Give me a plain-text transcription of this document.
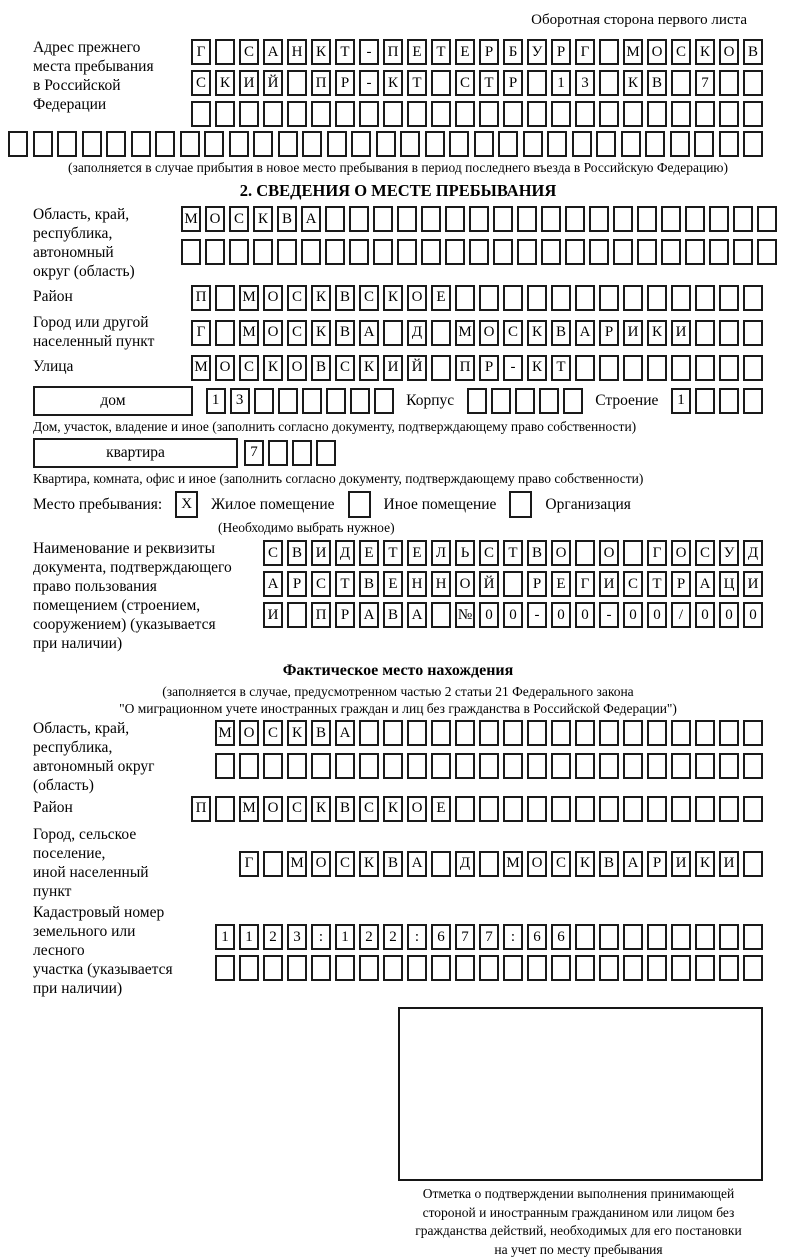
Оборотная сторона первого листа
Адрес прежнего
места пребывания
в Российской
Федерации
Г	С А Н К Т	-	П Е Т Е	Р	Б У Р	Г	М О С К О В
С К И Й	П Р	-	К Т	С Т	Р	1	3	К В	7
(заполняется в случае прибытия в новое место пребывания в период последнего въезда в Российскую Федерацию)
2. СВЕДЕНИЯ О МЕСТЕ ПРЕБЫВАНИЯ
Область, край,
республика,
автономный
округ (область)
М О С К В А
Район	П	М О С К В С К О Е
Город или другой
населенный пункт
Г	М О С К В А	Д	М О С К В А Р И К И
Улица	М О С К О В С К И Й	П Р	-	К Т
дом	1	3	Корпус	Строение	1
Дом, участок, владение и иное (заполнить согласно документу, подтверждающему право собственности)
квартира	7
Квартира, комната, офис и иное (заполнить согласно документу, подтверждающему право собственности)
Место пребывания:	X	Жилое помещение	Иное помещение	Организация
(Необходимо выбрать нужное)
Наименование и реквизиты
документа, подтверждающего
право пользования
помещением (строением,
сооружением) (указывается
при наличии)
С В И Д Е Т Е Л Ь С Т В О	О	Г О С У Д
А Р С Т В Е Н Н О Й	Р	Е	Г И С Т	Р А Ц И
И	П Р А В А	№ 0	0	-	0	0	-	0	0	/	0	0	0
Фактическое место нахождения
(заполняется в случае, предусмотренном частью 2 статьи 21 Федерального закона
"О миграционном учете иностранных граждан и лиц без гражданства в Российской Федерации")
Область, край,
республика,
автономный округ
(область)
М О С К В А
Район	П	М О С К В С К О Е
Город, сельское поселение,
иной населенный пункт
Г	М О С К В А	Д	М О С К В А Р И К И
Кадастровый номер
земельного или лесного
участка (указывается
при наличии)
1	1	2	3	:	1	2	2	:	6	7	7	:	6	6
Отметка о подтверждении выполнения принимающей
стороной и иностранным гражданином или лицом без
гражданства действий, необходимых для его постановки
на учет по месту пребывания
